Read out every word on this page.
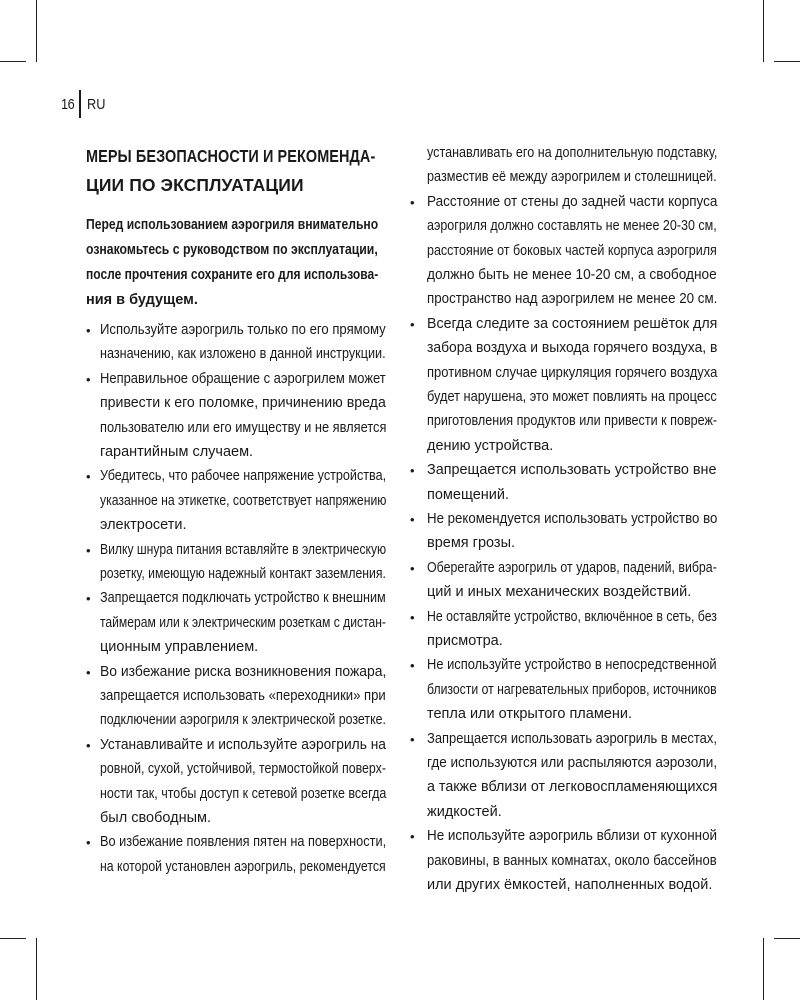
16 RU
МЕРЫ БЕЗОПАСНОСТИ И РЕКОМЕНДА-
ЦИИ ПО ЭКСПЛУАТАЦИИ
Перед использованием аэрогриля внимательно
ознакомьтесь с руководством по эксплуатации,
после прочтения сохраните его для использова-
ния в будущем.
• Используйте аэрогриль только по его прямому
назначению, как изложено в данной инструкции.
• Неправильное обращение с аэрогрилем может
привести к его поломке, причинению вреда
пользователю или его имуществу и не является
гарантийным случаем.
• Убедитесь, что рабочее напряжение устройства,
указанное на этикетке, соответствует напряжению
электросети.
• Вилку шнура питания вставляйте в электрическую
розетку, имеющую надежный контакт заземления.
• Запрещается подключать устройство к внешним
таймерам или к электрическим розеткам с дистан-
ционным управлением.
• Во избежание риска возникновения пожара,
запрещается использовать «переходники» при
подключении аэрогриля к электрической розетке.
• Устанавливайте и используйте аэрогриль на
ровной, сухой, устойчивой, термостойкой поверх-
ности так, чтобы доступ к сетевой розетке всегда
был свободным.
• Во избежание появления пятен на поверхности,
на которой установлен аэрогриль, рекомендуется
устанавливать его на дополнительную подставку,
разместив её между аэрогрилем и столешницей.
• Расстояние от стены до задней части корпуса
аэрогриля должно составлять не менее 20-30 см,
расстояние от боковых частей корпуса аэрогриля
должно быть не менее 10-20 см, а свободное
пространство над аэрогрилем не менее 20 см.
• Всегда следите за состоянием решёток для
забора воздуха и выхода горячего воздуха, в
противном случае циркуляция горячего воздуха
будет нарушена, это может повлиять на процесс
приготовления продуктов или привести к повреж-
дению устройства.
• Запрещается использовать устройство вне
помещений.
• Не рекомендуется использовать устройство во
время грозы.
• Оберегайте аэрогриль от ударов, падений, вибра-
ций и иных механических воздействий.
• Не оставляйте устройство, включённое в сеть, без
присмотра.
• Не используйте устройство в непосредственной
близости от нагревательных приборов, источников
тепла или открытого пламени.
• Запрещается использовать аэрогриль в местах,
где используются или распыляются аэрозоли,
а также вблизи от легковоспламеняющихся
жидкостей.
• Не используйте аэрогриль вблизи от кухонной
раковины, в ванных комнатах, около бассейнов
или других ёмкостей, наполненных водой.
